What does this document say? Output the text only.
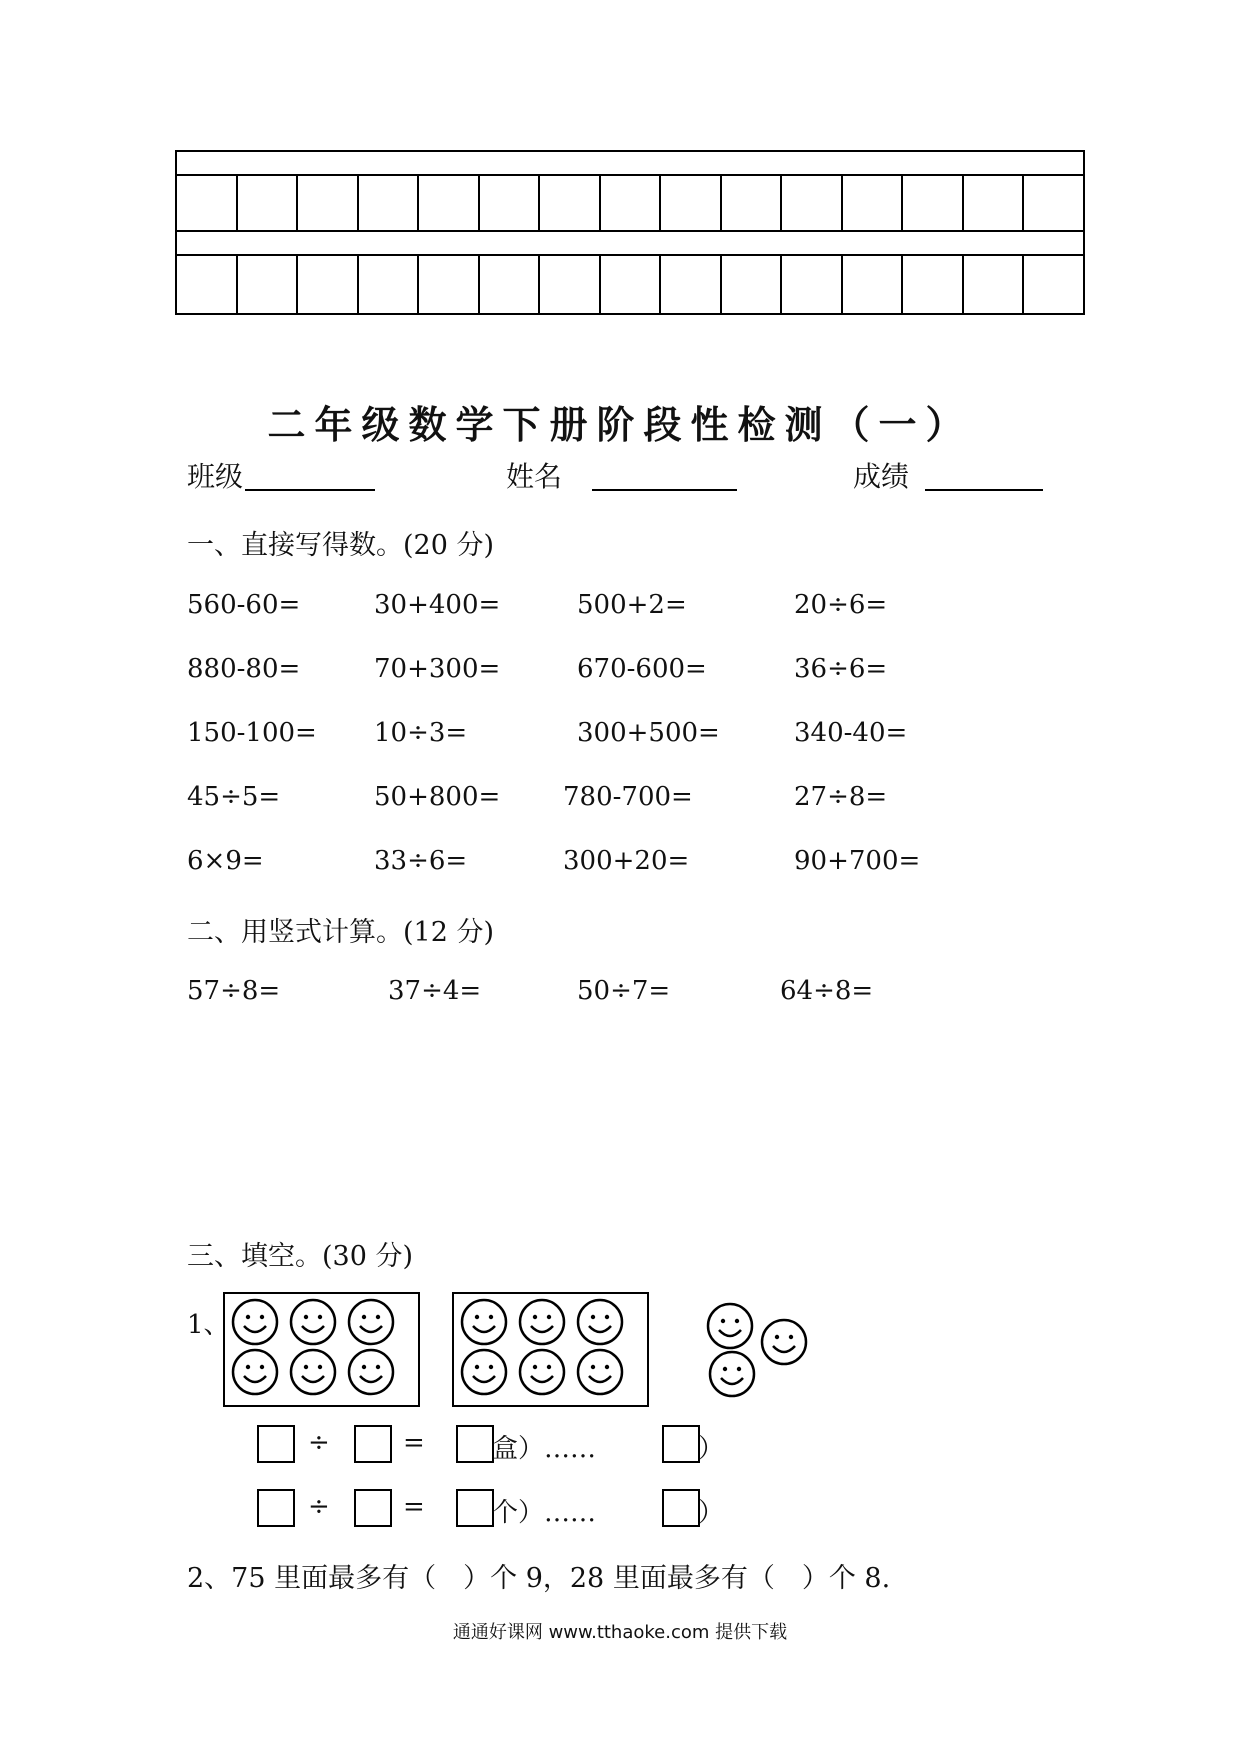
二年级数学下册阶段性检测（一）
班级	姓名	成绩
一、直接写得数。(20 分)
560-60=	30+400=	500+2=	20÷6=
880-80=	70+300=	670-600=	36÷6=
150-100= 10÷3=	300+500=	340-40=
45÷5=	50+800= 780-700=	27÷8=
6×9=	33÷6=	300+20=	90+700=
二、用竖式计算。(12 分)
57÷8=	37÷4=	50÷7=	64÷8=
三、填空。(30 分)
1、
÷	=	盒）……	）
÷	=	个）……	）
2、75 里面最多有（　）个 9，28 里面最多有（　）个 8.
通通好课网 www.tthaoke.com 提供下载
